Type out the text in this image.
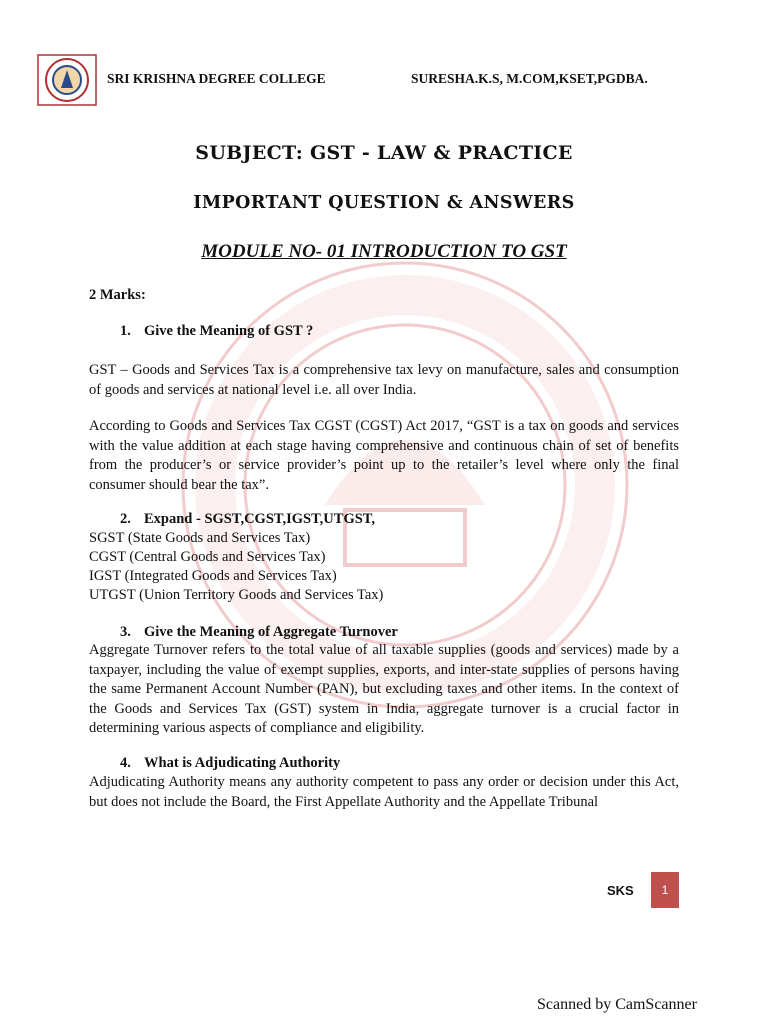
SRI KRISHNA DEGREE COLLEGE	SURESHA.K.S, M.COM,KSET,PGDBA.
SUBJECT: GST - LAW & PRACTICE
IMPORTANT QUESTION & ANSWERS
MODULE NO- 01 INTRODUCTION TO GST
2 Marks:
1. Give the Meaning of GST ?
GST – Goods and Services Tax is a comprehensive tax levy on manufacture, sales and consumption of goods and services at national level i.e. all over India.
According to Goods and Services Tax CGST (CGST) Act 2017, “GST is a tax on goods and services with the value addition at each stage having comprehensive and continuous chain of set of benefits from the producer’s or service provider’s point up to the retailer’s level where only the final consumer should bear the tax”.
2. Expand - SGST,CGST,IGST,UTGST,
SGST (State Goods and Services Tax)
CGST (Central Goods and Services Tax)
IGST (Integrated Goods and Services Tax)
UTGST (Union Territory Goods and Services Tax)
3. Give the Meaning of Aggregate Turnover
Aggregate Turnover refers to the total value of all taxable supplies (goods and services) made by a taxpayer, including the value of exempt supplies, exports, and inter-state supplies of persons having the same Permanent Account Number (PAN), but excluding taxes and other items. In the context of the Goods and Services Tax (GST) system in India, aggregate turnover is a crucial factor in determining various aspects of compliance and eligibility.
4. What is Adjudicating Authority
Adjudicating Authority means any authority competent to pass any order or decision under this Act, but does not include the Board, the First Appellate Authority and the Appellate Tribunal
SKS 1
Scanned by CamScanner
